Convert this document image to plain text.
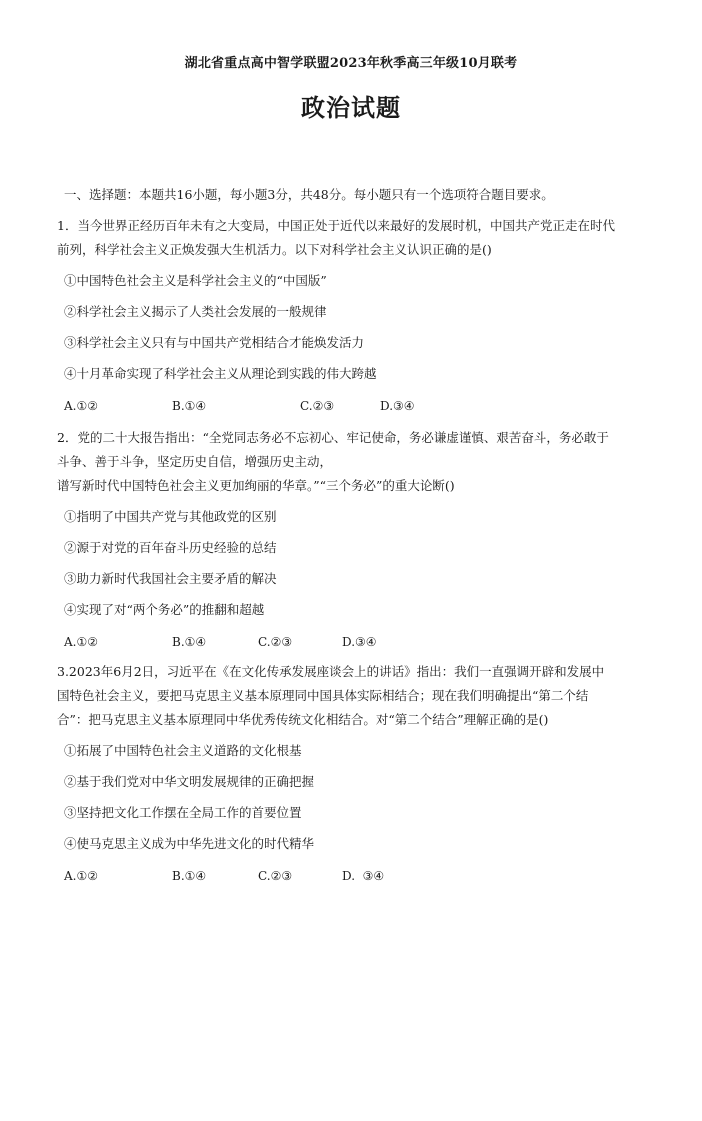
湖北省重点高中智学联盟2023年秋季高三年级10月联考
政治试题
一、选择题：本题共16小题，每小题3分，共48分。每小题只有一个选项符合题目要求。
1．当今世界正经历百年未有之大变局，中国正处于近代以来最好的发展时机，中国共产党正走在时代
前列，科学社会主义正焕发强大生机活力。以下对科学社会主义认识正确的是()
①中国特色社会主义是科学社会主义的“中国版”
②科学社会主义揭示了人类社会发展的一般规律
③科学社会主义只有与中国共产党相结合才能焕发活力
④十月革命实现了科学社会主义从理论到实践的伟大跨越
A.①②	B.①④	C.②③	D.③④
2．党的二十大报告指出：“全党同志务必不忘初心、牢记使命，务必谦虚谨慎、艰苦奋斗，务必敢于
斗争、善于斗争，坚定历史自信，增强历史主动，
谱写新时代中国特色社会主义更加绚丽的华章。”“三个务必”的重大论断()
①指明了中国共产党与其他政党的区别
②源于对党的百年奋斗历史经验的总结
③助力新时代我国社会主要矛盾的解决
④实现了对“两个务必”的推翻和超越
A.①②	B.①④	C.②③	D.③④
3.2023年6月2日，习近平在《在文化传承发展座谈会上的讲话》指出：我们一直强调开辟和发展中
国特色社会主义，要把马克思主义基本原理同中国具体实际相结合；现在我们明确提出“第二个结
合”：把马克思主义基本原理同中华优秀传统文化相结合。对“第二个结合”理解正确的是()
①拓展了中国特色社会主义道路的文化根基
②基于我们党对中华文明发展规律的正确把握
③坚持把文化工作摆在全局工作的首要位置
④使马克思主义成为中华先进文化的时代精华
A.①②	B.①④	C.②③	D.  ③④
